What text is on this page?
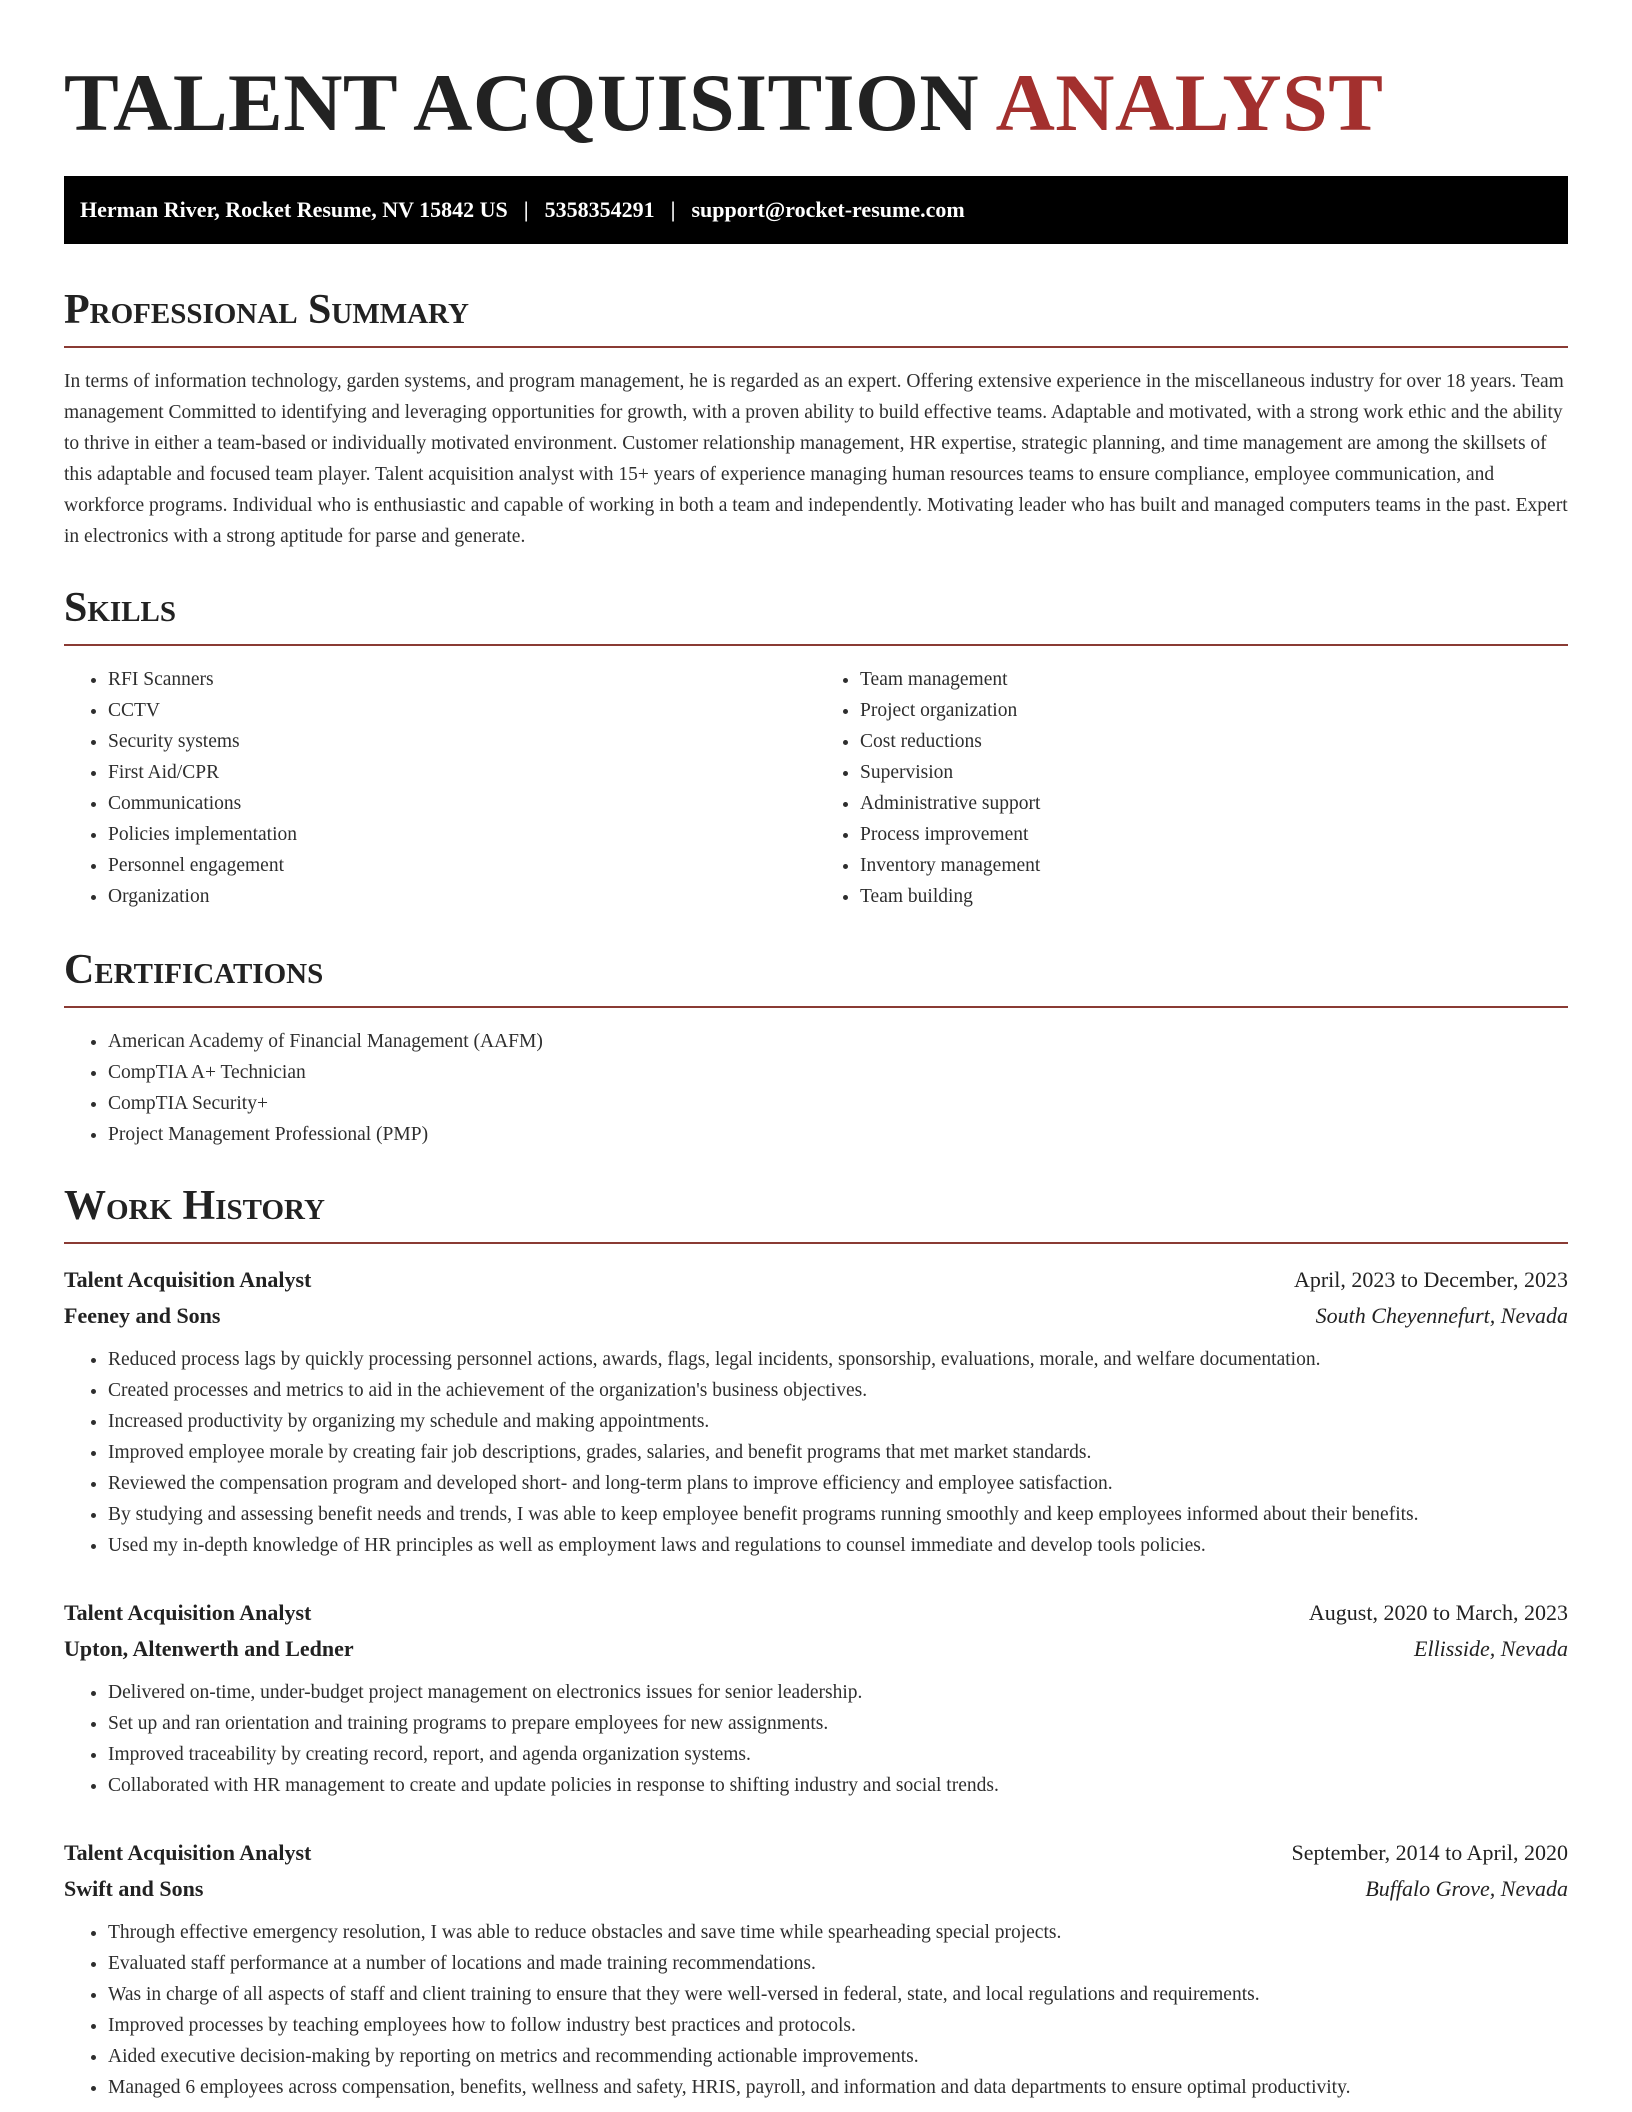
TALENT ACQUISITION ANALYST
Herman River, Rocket Resume, NV 15842 US | 5358354291 | support@rocket-resume.com
Professional Summary

In terms of information technology, garden systems, and program management, he is regarded as an expert. Offering extensive experience in the miscellaneous industry for over 18 years. Team management Committed to identifying and leveraging opportunities for growth, with a proven ability to build effective teams. Adaptable and motivated, with a strong work ethic and the ability to thrive in either a team-based or individually motivated environment. Customer relationship management, HR expertise, strategic planning, and time management are among the skillsets of this adaptable and focused team player. Talent acquisition analyst with 15+ years of experience managing human resources teams to ensure compliance, employee communication, and workforce programs. Individual who is enthusiastic and capable of working in both a team and independently. Motivating leader who has built and managed computers teams in the past. Expert in electronics with a strong aptitude for parse and generate.

Skills
• RFI Scanners
• CCTV
• Security systems
• First Aid/CPR
• Communications
• Policies implementation
• Personnel engagement
• Organization
• Team management
• Project organization
• Cost reductions
• Supervision
• Administrative support
• Process improvement
• Inventory management
• Team building
Certifications
• American Academy of Financial Management (AAFM)
• CompTIA A+ Technician
• CompTIA Security+
• Project Management Professional (PMP)
Work History
Talent Acquisition Analyst	April, 2023 to December, 2023
Feeney and Sons	South Cheyennefurt, Nevada
• Reduced process lags by quickly processing personnel actions, awards, flags, legal incidents, sponsorship, evaluations, morale, and welfare documentation.
• Created processes and metrics to aid in the achievement of the organization's business objectives.
• Increased productivity by organizing my schedule and making appointments.
• Improved employee morale by creating fair job descriptions, grades, salaries, and benefit programs that met market standards.
• Reviewed the compensation program and developed short- and long-term plans to improve efficiency and employee satisfaction.
• By studying and assessing benefit needs and trends, I was able to keep employee benefit programs running smoothly and keep employees informed about their benefits.
• Used my in-depth knowledge of HR principles as well as employment laws and regulations to counsel immediate and develop tools policies.
Talent Acquisition Analyst	August, 2020 to March, 2023
Upton, Altenwerth and Ledner	Ellisside, Nevada
• Delivered on-time, under-budget project management on electronics issues for senior leadership.
• Set up and ran orientation and training programs to prepare employees for new assignments.
• Improved traceability by creating record, report, and agenda organization systems.
• Collaborated with HR management to create and update policies in response to shifting industry and social trends.
Talent Acquisition Analyst	September, 2014 to April, 2020
Swift and Sons	Buffalo Grove, Nevada
• Through effective emergency resolution, I was able to reduce obstacles and save time while spearheading special projects.
• Evaluated staff performance at a number of locations and made training recommendations.
• Was in charge of all aspects of staff and client training to ensure that they were well-versed in federal, state, and local regulations and requirements.
• Improved processes by teaching employees how to follow industry best practices and protocols.
• Aided executive decision-making by reporting on metrics and recommending actionable improvements.
• Managed 6 employees across compensation, benefits, wellness and safety, HRIS, payroll, and information and data departments to ensure optimal productivity.
